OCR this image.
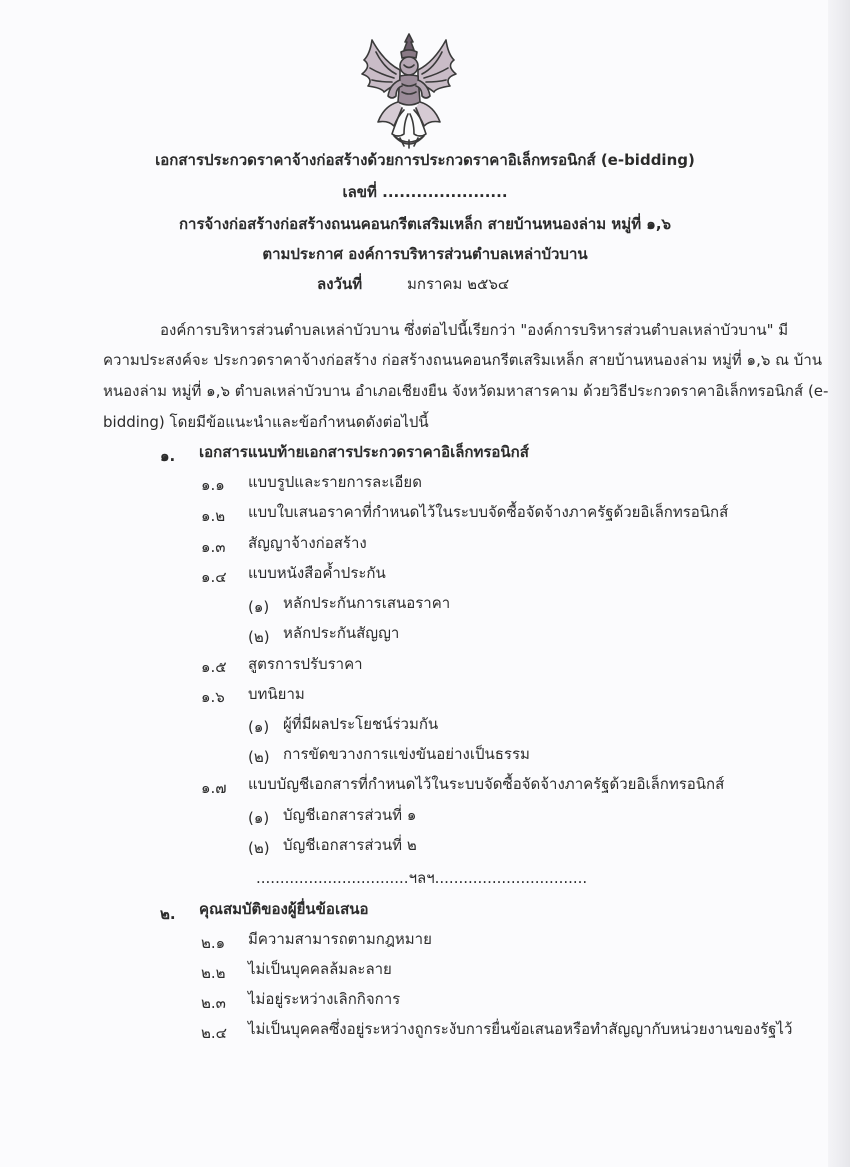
เอกสารประกวดราคาจ้างก่อสร้างด้วยการประกวดราคาอิเล็กทรอนิกส์ (e-bidding)
เลขที่ ......................
การจ้างก่อสร้างก่อสร้างถนนคอนกรีตเสริมเหล็ก สายบ้านหนองล่าม หมู่ที่ ๑,๖
ตามประกาศ องค์การบริหารส่วนตำบลเหล่าบัวบาน
ลงวันที่	มกราคม ๒๕๖๔
องค์การบริหารส่วนตำบลเหล่าบัวบาน ซึ่งต่อไปนี้เรียกว่า "องค์การบริหารส่วนตำบลเหล่าบัวบาน" มี
ความประสงค์จะ ประกวดราคาจ้างก่อสร้าง ก่อสร้างถนนคอนกรีตเสริมเหล็ก สายบ้านหนองล่าม หมู่ที่ ๑,๖ ณ บ้าน
หนองล่าม หมู่ที่ ๑,๖ ตำบลเหล่าบัวบาน อำเภอเชียงยืน จังหวัดมหาสารคาม ด้วยวิธีประกวดราคาอิเล็กทรอนิกส์ (e-
bidding) โดยมีข้อแนะนำและข้อกำหนดดังต่อไปนี้
๑. เอกสารแนบท้ายเอกสารประกวดราคาอิเล็กทรอนิกส์
๑.๑ แบบรูปและรายการละเอียด
๑.๒ แบบใบเสนอราคาที่กำหนดไว้ในระบบจัดซื้อจัดจ้างภาครัฐด้วยอิเล็กทรอนิกส์
๑.๓ สัญญาจ้างก่อสร้าง
๑.๔ แบบหนังสือค้ำประกัน
(๑) หลักประกันการเสนอราคา
(๒) หลักประกันสัญญา
๑.๕ สูตรการปรับราคา
๑.๖ บทนิยาม
(๑) ผู้ที่มีผลประโยชน์ร่วมกัน
(๒) การขัดขวางการแข่งขันอย่างเป็นธรรม
๑.๗ แบบบัญชีเอกสารที่กำหนดไว้ในระบบจัดซื้อจัดจ้างภาครัฐด้วยอิเล็กทรอนิกส์
(๑) บัญชีเอกสารส่วนที่ ๑
(๒) บัญชีเอกสารส่วนที่ ๒
................................ฯลฯ................................
๒. คุณสมบัติของผู้ยื่นข้อเสนอ
๒.๑ มีความสามารถตามกฎหมาย
๒.๒ ไม่เป็นบุคคลล้มละลาย
๒.๓ ไม่อยู่ระหว่างเลิกกิจการ
๒.๔ ไม่เป็นบุคคลซึ่งอยู่ระหว่างถูกระงับการยื่นข้อเสนอหรือทำสัญญากับหน่วยงานของรัฐไว้
